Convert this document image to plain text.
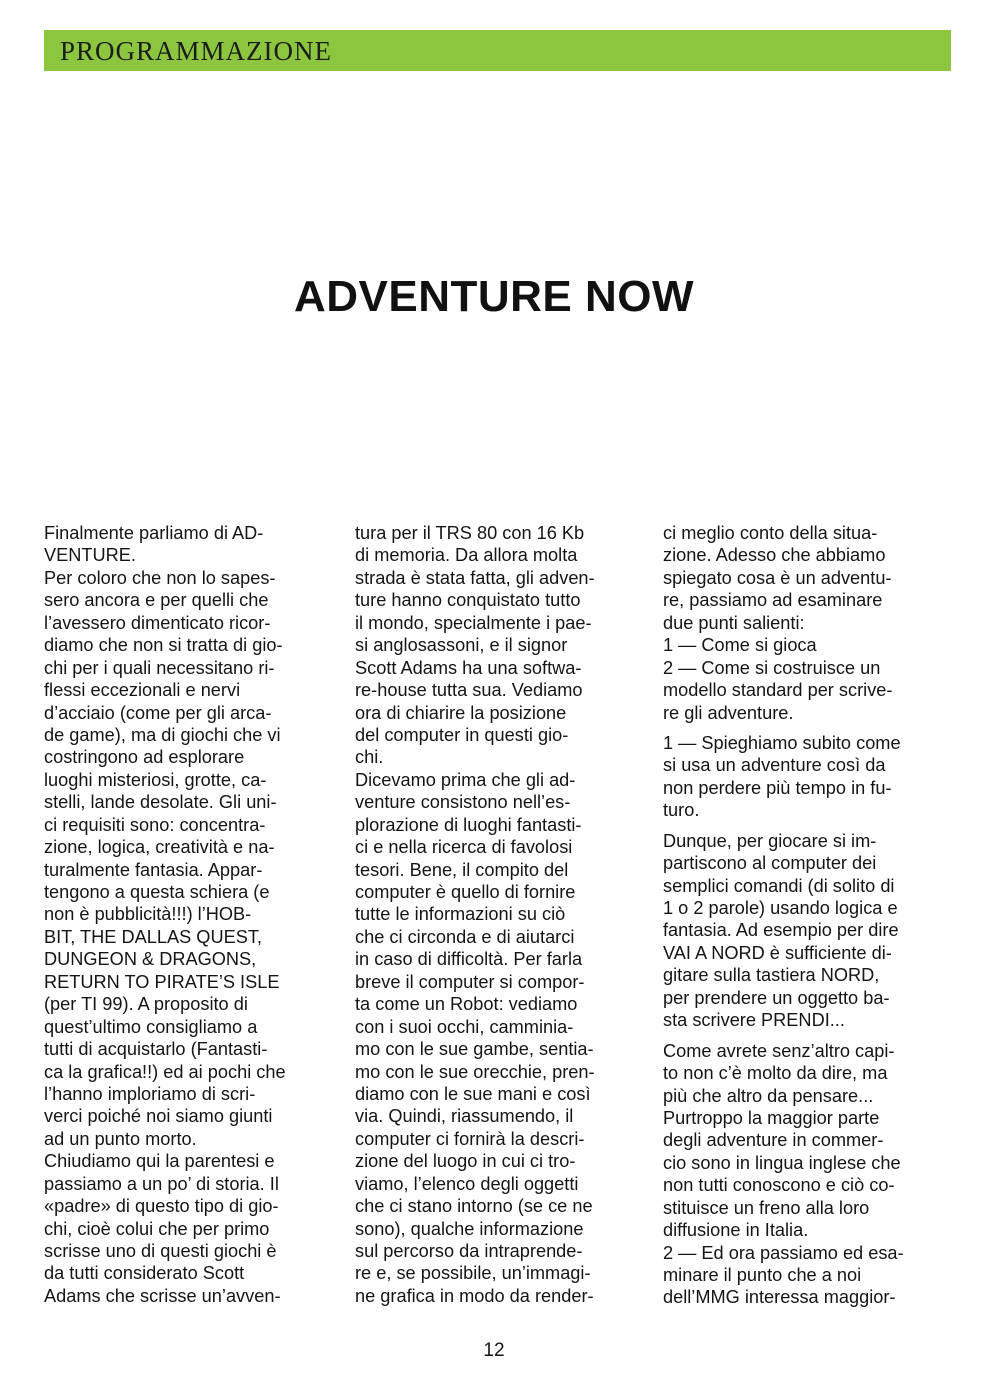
PROGRAMMAZIONE
ADVENTURE NOW
Finalmente parliamo di AD-
VENTURE.
Per coloro che non lo sapes-
sero ancora e per quelli che
l’avessero dimenticato ricor-
diamo che non si tratta di gio-
chi per i quali necessitano ri-
flessi eccezionali e nervi
d’acciaio (come per gli arca-
de game), ma di giochi che vi
costringono ad esplorare
luoghi misteriosi, grotte, ca-
stelli, lande desolate. Gli uni-
ci requisiti sono: concentra-
zione, logica, creatività e na-
turalmente fantasia. Appar-
tengono a questa schiera (e
non è pubblicità!!!) l’HOB-
BIT, THE DALLAS QUEST,
DUNGEON & DRAGONS,
RETURN TO PIRATE’S ISLE
(per TI 99). A proposito di
quest’ultimo consigliamo a
tutti di acquistarlo (Fantasti-
ca la grafica!!) ed ai pochi che
l’hanno imploriamo di scri-
verci poiché noi siamo giunti
ad un punto morto.
Chiudiamo qui la parentesi e
passiamo a un po’ di storia. Il
«padre» di questo tipo di gio-
chi, cioè colui che per primo
scrisse uno di questi giochi è
da tutti considerato Scott
Adams che scrisse un’avven-
tura per il TRS 80 con 16 Kb
di memoria. Da allora molta
strada è stata fatta, gli adven-
ture hanno conquistato tutto
il mondo, specialmente i pae-
si anglosassoni, e il signor
Scott Adams ha una softwa-
re-house tutta sua. Vediamo
ora di chiarire la posizione
del computer in questi gio-
chi.
Dicevamo prima che gli ad-
venture consistono nell’es-
plorazione di luoghi fantasti-
ci e nella ricerca di favolosi
tesori. Bene, il compito del
computer è quello di fornire
tutte le informazioni su ciò
che ci circonda e di aiutarci
in caso di difficoltà. Per farla
breve il computer si compor-
ta come un Robot: vediamo
con i suoi occhi, camminia-
mo con le sue gambe, sentia-
mo con le sue orecchie, pren-
diamo con le sue mani e così
via. Quindi, riassumendo, il
computer ci fornirà la descri-
zione del luogo in cui ci tro-
viamo, l’elenco degli oggetti
che ci stano intorno (se ce ne
sono), qualche informazione
sul percorso da intraprende-
re e, se possibile, un’immagi-
ne grafica in modo da render-
ci meglio conto della situa-
zione. Adesso che abbiamo
spiegato cosa è un adventu-
re, passiamo ad esaminare
due punti salienti:
1 — Come si gioca
2 — Come si costruisce un
modello standard per scrive-
re gli adventure.
1 — Spieghiamo subito come
si usa un adventure così da
non perdere più tempo in fu-
turo.
Dunque, per giocare si im-
partiscono al computer dei
semplici comandi (di solito di
1 o 2 parole) usando logica e
fantasia. Ad esempio per dire
VAI A NORD è sufficiente di-
gitare sulla tastiera NORD,
per prendere un oggetto ba-
sta scrivere PRENDI...
Come avrete senz’altro capi-
to non c’è molto da dire, ma
più che altro da pensare...
Purtroppo la maggior parte
degli adventure in commer-
cio sono in lingua inglese che
non tutti conoscono e ciò co-
stituisce un freno alla loro
diffusione in Italia.
2 — Ed ora passiamo ed esa-
minare il punto che a noi
dell’MMG interessa maggior-
12
